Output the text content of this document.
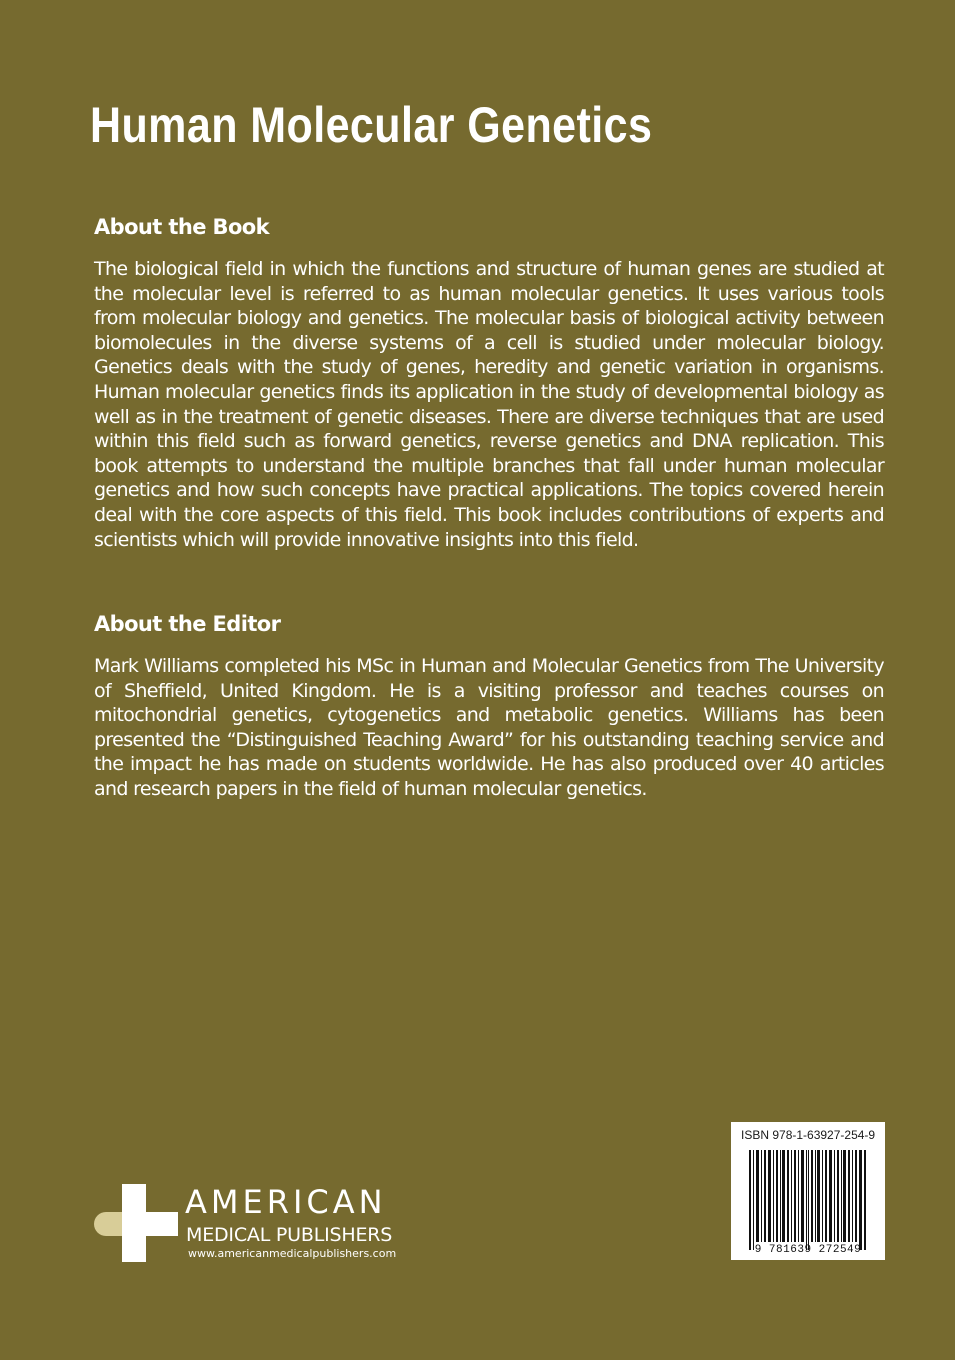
Human Molecular Genetics
About the Book

The biological field in which the functions and structure of human genes are studied at the molecular level is referred to as human molecular genetics. It uses various tools from molecular biology and genetics. The molecular basis of biological activity between biomolecules in the diverse systems of a cell is studied under molecular biology. Genetics deals with the study of genes, heredity and genetic variation in organisms. Human molecular genetics finds its application in the study of developmental biology as well as in the treatment of genetic diseases. There are diverse techniques that are used within this field such as forward genetics, reverse genetics and DNA replication. This book attempts to understand the multiple branches that fall under human molecular genetics and how such concepts have practical applications. The topics covered herein deal with the core aspects of this field. This book includes contributions of experts and scientists which will provide innovative insights into this field.

About the Editor

Mark Williams completed his MSc in Human and Molecular Genetics from The University of Sheffield, United Kingdom. He is a visiting professor and teaches courses on mitochondrial genetics, cytogenetics and metabolic genetics. Williams has been presented the “Distinguished Teaching Award” for his outstanding teaching service and the impact he has made on students worldwide. He has also produced over 40 articles and research papers in the field of human molecular genetics.

ISBN 978-1-63927-254-9
9 781639 272549
AMERICAN
MEDICAL PUBLISHERS
www.americanmedicalpublishers.com
